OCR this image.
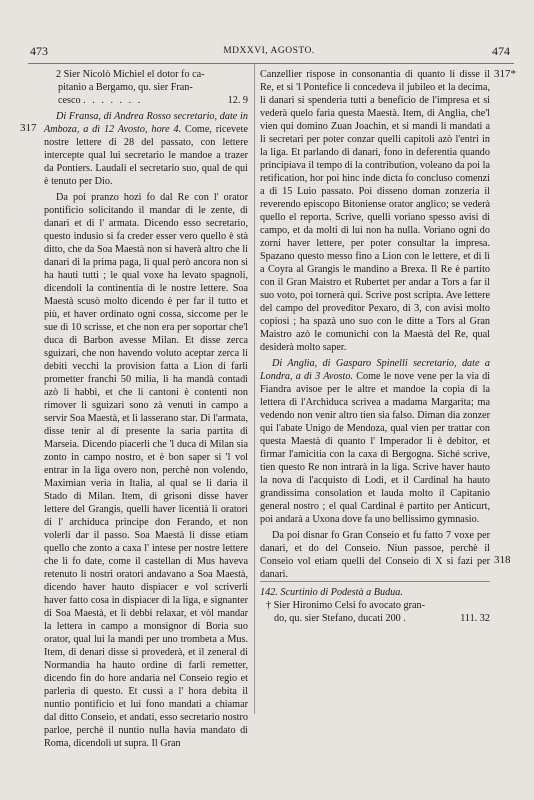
473	MDXXVI, AGOSTO.	474
317
317*
318

2 Sier Nicolò Michiel el dotor fo ca-

pitanio a Bergamo, qu. sier Fran-

cesco . . . . . . .	12. 9

Di Fransa, di Andrea Rosso secretario, date in Amboza, a dì 12 Avosto, hore 4. Come, ricevete nostre lettere di 28 del passato, con lettere intercepte qual lui secretario le mandoe a trazer da Pontiers. Laudali el secretario suo, qual de qui è tenuto per Dio.

Da poi pranzo hozi fo dal Re con l' orator pontificio solicitando il mandar di le zente, di danari et di l' armata. Dicendo esso secretario, questo indusio si fa creder esser vero quello è stà ditto, che da Soa Maestà non si haverà altro che li danari di la prima paga, li qual però ancora non si ha hauti tutti ; le qual voxe ha levato spagnoli, dicendoli la continentia di le nostre lettere. Soa Maestà scusò molto dicendo è per far il tutto et più, et haver ordinato ogni cossa, siccome per le sue di 10 scrisse, et che non era per soportar che'l duca di Barbon avesse Milan. Et disse zerca sguizari, che non havendo voluto aceptar zerca li debiti vecchi la provision fatta a Lion di farli prometter franchi 50 milia, li ha mandà contadi azò li habbi, et che li cantoni è contenti non rimover li sguizari sono zà venuti in campo a servir Soa Maestà, et li lasserano star. Di l'armata, disse tenir al di presente la saria partita di Marseia. Dicendo piacerli che 'l duca di Milan sia zonto in campo nostro, et è bon saper si 'l vol entrar in la liga overo non, perchè non volendo, Maximian veria in Italia, al qual se li daria il Stado di Milan. Item, di grisoni disse haver lettere del Grangis, quelli haver licentià li oratori di l' archiduca principe don Ferando, et non volerli dar il passo. Soa Maestà li disse etiam quello che zonto a caxa l' intese per nostre lettere che li fo date, come il castellan di Mus haveva retenuto li nostri oratori andavano a Soa Maestà, dicendo haver hauto dispiacer e vol scriverli haver fatto cosa in dispiacer di la liga, e signanter di Soa Maestà, et li debbi relaxar, et vòl mandar la lettera in campo a monsignor di Boria suo orator, qual lui la mandi per uno trombeta a Mus. Item, di denari disse si proveder‍à, et il zeneral di Normandia ha hauto ordine di farli remetter, dicendo fin do hore andaria nel Conseio regio et parleria di questo. Et cussì a l' hora debita il nuntio pontificio et lui fono mandati a chiamar dal ditto Conseio, et andati, esso secretario nostro parloe, perchè il nuntio nulla havia mandato di Roma, dicendoli ut supra. Il Gran

Canzellier rispose in consonantia di quanto li disse il Re, et si 'l Pontefice li concedeva il jubileo et la decima, li danari si spenderia tutti a beneficio de l'impresa et si vederà quelo faria questa Maestà. Item, di Anglia, che'l vien qui domino Zuan Joachin, et si mandi li mandati a li secretari per poter conzar quelli capitoli azò l'entri in la liga. Et parlando di danari, fono in deferentia quando principiava il tempo di la contribution, voleano da poi la retification, hor poi hinc inde dicta fo concluso comenzi a dì 15 Luio passato. Poi disseno doman zonzeria il reverendo episcopo Bitoniense orator anglico; se vederà quello el reporta. Scrive, quelli voriano spesso avisi di campo, et da molti di lui non ha nulla. Voriano ogni do zorni haver lettere, per poter consultar la impresa. Spazano questo messo fino a Lion con le lettere, et di lì a Coyra al Grangis le mandino a Brexa. Il Re è partito con il Gran Maistro et Rubertet per andar a Tors a far il suo voto, poi tornerà qui. Scrive post scripta. Ave lettere del campo del proveditor Pexaro, di 3, con avisi molto copiosi ; ha spazà uno suo con le ditte a Tors al Gran Maistro azò le comunichi con la Maestà del Re, qual desiderà molto saper.

Di Anglia, di Gasparo Spinelli secretario, date a Londra, a dì 3 Avosto. Come le nove vene per la via di Fiandra avisoe per le altre et mandoe la copia di la lettera di l'Archiduca scrivea a madama Margarita; ma vedendo non venir altro tien sia falso. Diman dia zonzer qui l'abate Unigo de Mendoza, qual vien per trattar con questa Maestà di quanto l' Imperador li è debitor, et firmar l'amicitia con la caxa di Bergogna. Siché scrive, tien questo Re non intrarà in la liga. Scrive haver hauto la nova di l'acquisto di Lodi, et il Cardinal ha hauto grandissima consolation et lauda molto il Capitanio general nostro ; el qual Cardinal è partito per Anticurt, poi andarà a Uxona dove fa uno bellissimo gymnasio.

Da poi disnar fo Gran Conseio et fu fatto 7 voxe per danari, et do del Conseio. Niun passoe, perchè il Conseio vol etiam quelli del Conseio di X si fazi per danari.

142. Scurtinio di Podestà a Budua.

† Sier Hironimo Celsi fo avocato gran-

do, qu. sier Stefano, ducati 200 .	111. 32
